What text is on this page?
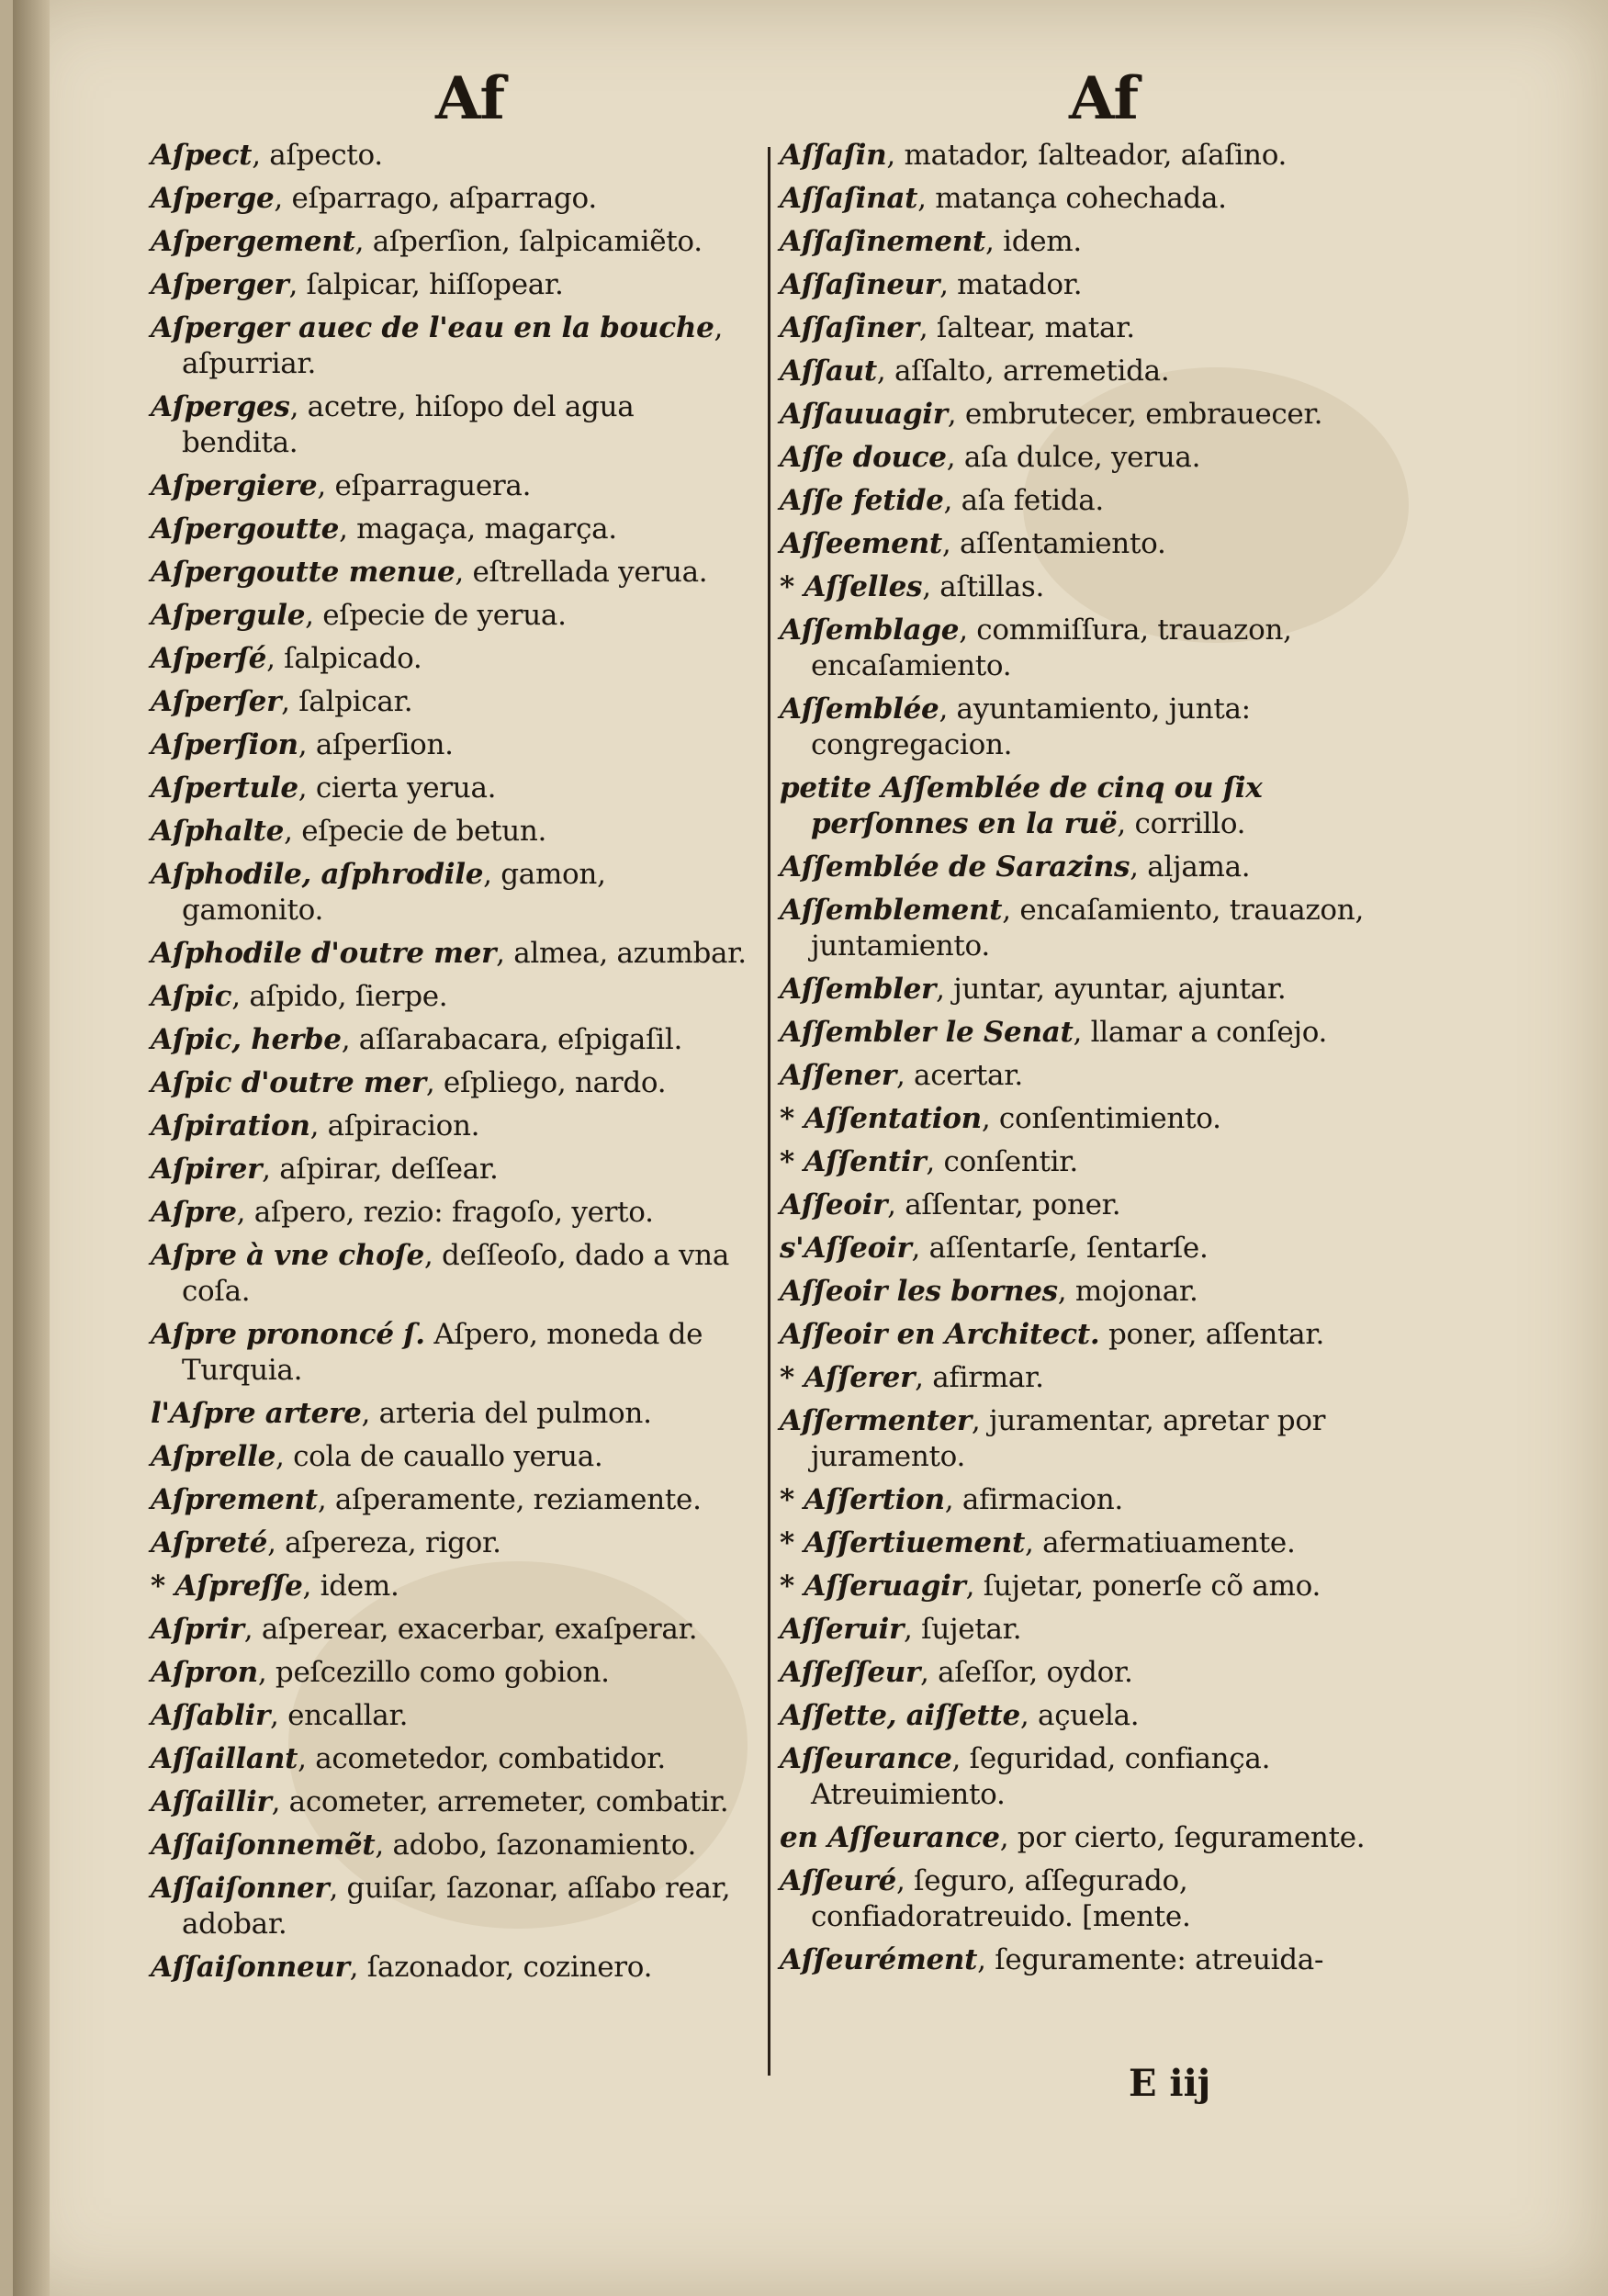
Af	Af
Aſpect, aſpecto.
Aſperge, eſparrago, aſparrago.
Aſpergement, aſperſion, ſalpicamiẽto.
Aſperger, ſalpicar, hiſſopear.
Aſperger auec de l'eau en la bouche, aſpurriar.
Aſperges, acetre, hiſopo del agua bendita.
Aſpergiere, eſparraguera.
Aſpergoutte, magaça, magarça.
Aſpergoutte menue, eſtrellada yerua.
Aſpergule, eſpecie de yerua.
Aſperſé, ſalpicado.
Aſperſer, ſalpicar.
Aſperſion, aſperſion.
Aſpertule, cierta yerua.
Aſphalte, eſpecie de betun.
Aſphodile, aſphrodile, gamon, gamonito.
Aſphodile d'outre mer, almea, azumbar.
Aſpic, aſpido, ſierpe.
Aſpic, herbe, aſſarabacara, eſpigaſil.
Aſpic d'outre mer, eſpliego, nardo.
Aſpiration, aſpiracion.
Aſpirer, aſpirar, deſſear.
Aſpre, aſpero, rezio: fragoſo, yerto.
Aſpre à vne choſe, deſſeoſo, dado a vna coſa.
Aſpre prononcé ſ. Aſpero, moneda de Turquia.
l'Aſpre artere, arteria del pulmon.
Aſprelle, cola de cauallo yerua.
Aſprement, aſperamente, reziamente.
Aſpreté, aſpereza, rigor.
* Aſpreſſe, idem.
Aſprir, aſperear, exacerbar, exaſperar.
Aſpron, peſcezillo como gobion.
Aſſablir, encallar.
Aſſaillant, acometedor, combatidor.
Aſſaillir, acometer, arremeter, combatir.
Aſſaiſonnemẽt, adobo, ſazonamiento.
Aſſaiſonner, guiſar, ſazonar, aſſabo rear, adobar.
Aſſaiſonneur, ſazonador, cozinero.
Aſſaſin, matador, ſalteador, aſaſino.
Aſſaſinat, matança cohechada.
Aſſaſinement, idem.
Aſſaſineur, matador.
Aſſaſiner, ſaltear, matar.
Aſſaut, aſſalto, arremetida.
Aſſauuagir, embrutecer, embrauecer.
Aſſe douce, aſa dulce, yerua.
Aſſe fetide, aſa fetida.
Aſſeement, aſſentamiento.
* Aſſelles, aſtillas.
Aſſemblage, commiſſura, trauazon, encaſamiento.
Aſſemblée, ayuntamiento, junta: congregacion.
petite Aſſemblée de cinq ou ſix perſonnes en la ruë, corrillo.
Aſſemblée de Sarazins, aljama.
Aſſemblement, encaſamiento, trauazon, juntamiento.
Aſſembler, juntar, ayuntar, ajuntar.
Aſſembler le Senat, llamar a conſejo.
Aſſener, acertar.
* Aſſentation, conſentimiento.
* Aſſentir, conſentir.
Aſſeoir, aſſentar, poner.
s'Aſſeoir, aſſentarſe, ſentarſe.
Aſſeoir les bornes, mojonar.
Aſſeoir en Architect. poner, aſſentar.
* Aſſerer, afirmar.
Aſſermenter, juramentar, apretar por juramento.
* Aſſertion, afirmacion.
* Aſſertiuement, afermatiuamente.
* Aſſeruagir, ſujetar, ponerſe cõ amo.
Aſſeruir, ſujetar.
Aſſeſſeur, aſeſſor, oydor.
Aſſette, aiſſette, açuela.
Aſſeurance, ſeguridad, confiança. Atreuimiento.
en Aſſeurance, por cierto, ſeguramente.
Aſſeuré, ſeguro, aſſegurado, confiadoratreuido. [mente.
Aſſeurément, ſeguramente: atreuida-
E iij
